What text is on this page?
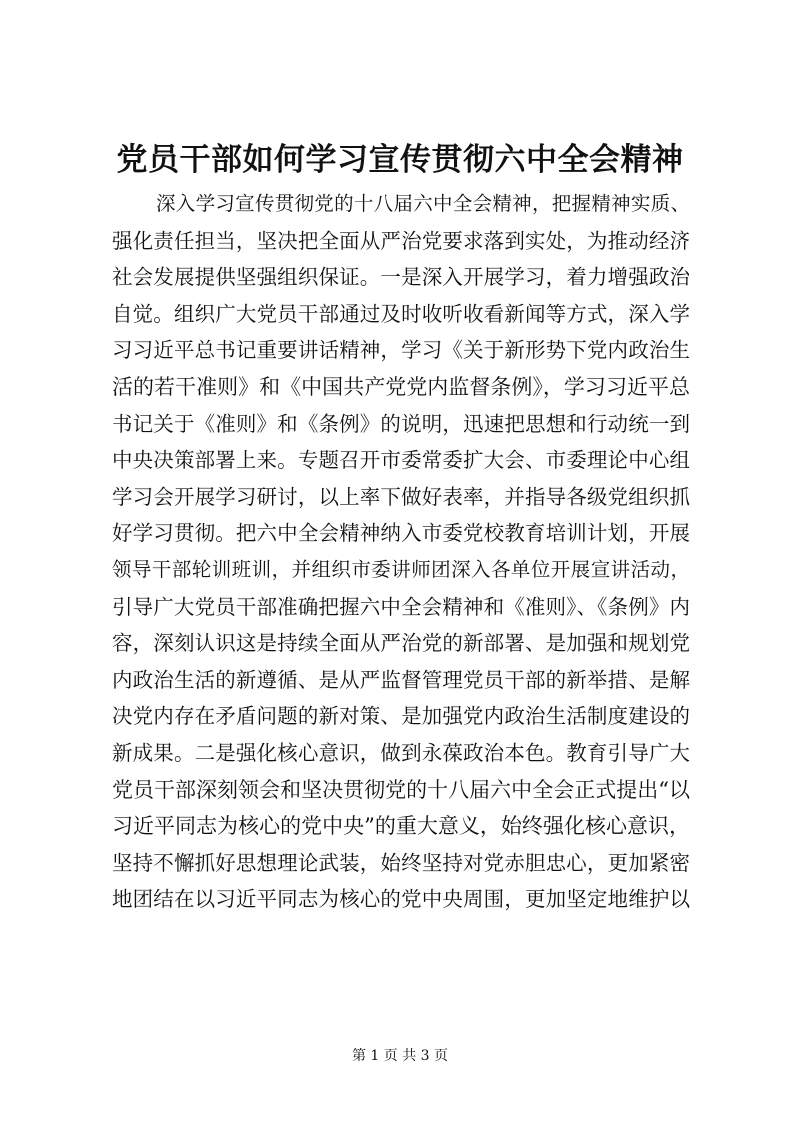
党员干部如何学习宣传贯彻六中全会精神
深入学习宣传贯彻党的十八届六中全会精神，把握精神实质、
强化责任担当，坚决把全面从严治党要求落到实处，为推动经济
社会发展提供坚强组织保证。一是深入开展学习，着力增强政治
自觉。组织广大党员干部通过及时收听收看新闻等方式，深入学
习习近平总书记重要讲话精神，学习《关于新形势下党内政治生
活的若干准则》和《中国共产党党内监督条例》，学习习近平总
书记关于《准则》和《条例》的说明，迅速把思想和行动统一到
中央决策部署上来。专题召开市委常委扩大会、市委理论中心组
学习会开展学习研讨，以上率下做好表率，并指导各级党组织抓
好学习贯彻。把六中全会精神纳入市委党校教育培训计划，开展
领导干部轮训班训，并组织市委讲师团深入各单位开展宣讲活动，
引导广大党员干部准确把握六中全会精神和《准则》、《条例》内
容，深刻认识这是持续全面从严治党的新部署、是加强和规划党
内政治生活的新遵循、是从严监督管理党员干部的新举措、是解
决党内存在矛盾问题的新对策、是加强党内政治生活制度建设的
新成果。二是强化核心意识，做到永葆政治本色。教育引导广大
党员干部深刻领会和坚决贯彻党的十八届六中全会正式提出“以
习近平同志为核心的党中央”的重大意义，始终强化核心意识，
坚持不懈抓好思想理论武装，始终坚持对党赤胆忠心，更加紧密
地团结在以习近平同志为核心的党中央周围，更加坚定地维护以
第 1 页 共 3 页
